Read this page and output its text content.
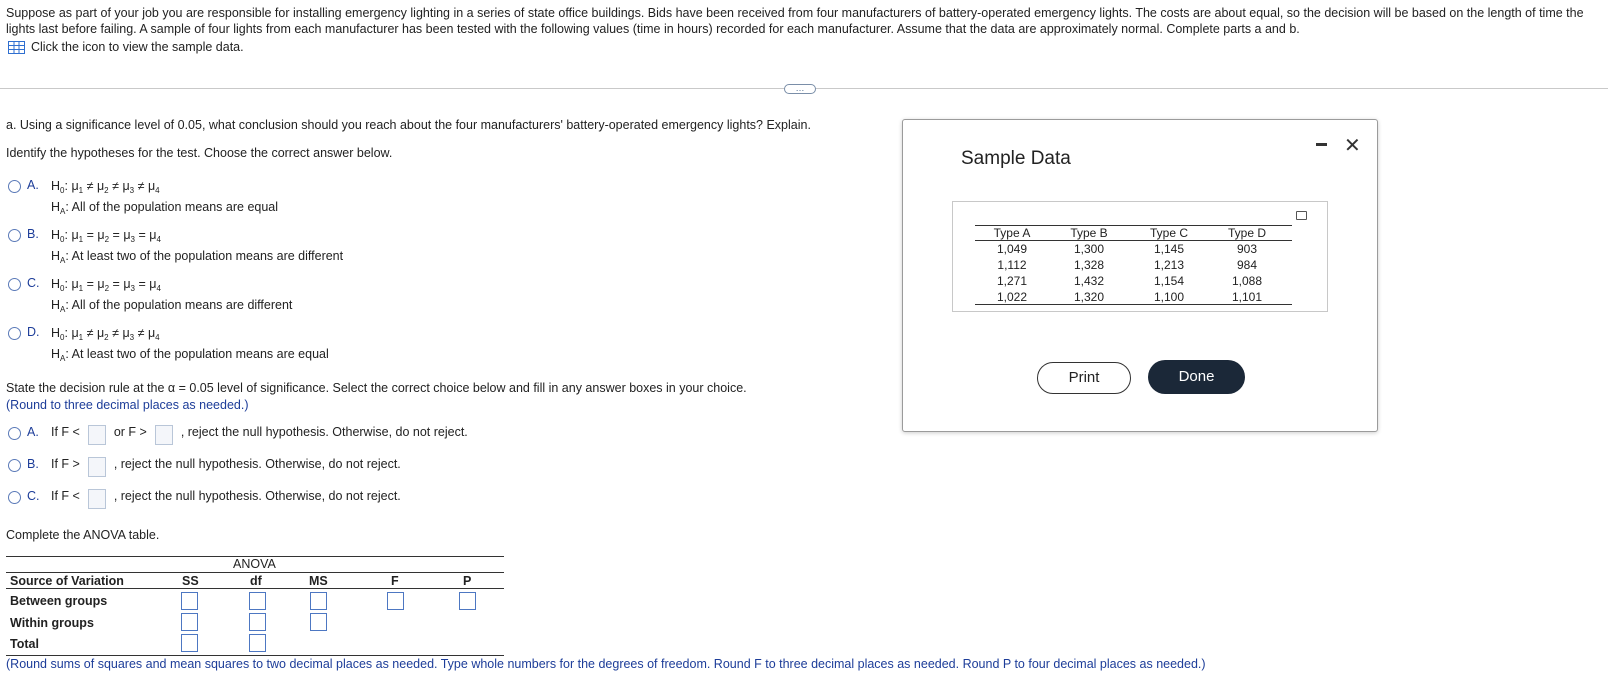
Suppose as part of your job you are responsible for installing emergency lighting in a series of state office buildings. Bids have been received from four manufacturers of battery-operated emergency lights. The costs are about equal, so the decision will be based on the length of time the lights last before failing. A sample of four lights from each manufacturer has been tested with the following values (time in hours) recorded for each manufacturer. Assume that the data are approximately normal. Complete parts a and b.
Click the icon to view the sample data.
…
a. Using a significance level of 0.05, what conclusion should you reach about the four manufacturers' battery-operated emergency lights? Explain.
Identify the hypotheses for the test. Choose the correct answer below.
A. $H_0$: $\mu_1 \ne \mu_2 \ne \mu_3 \ne \mu_4$
$H_A$: All of the population means are equal
B. $H_0$: $\mu_1 = \mu_2 = \mu_3 = \mu_4$
$H_A$: At least two of the population means are different
C. $H_0$: $\mu_1 = \mu_2 = \mu_3 = \mu_4$
$H_A$: All of the population means are different
D. $H_0$: $\mu_1 \ne \mu_2 \ne \mu_3 \ne \mu_4$
$H_A$: At least two of the population means are equal
State the decision rule at the α = 0.05 level of significance. Select the correct choice below and fill in any answer boxes in your choice.
(Round to three decimal places as needed.)
A. If F <	or F >	, reject the null hypothesis. Otherwise, do not reject.
B. If F >	, reject the null hypothesis. Otherwise, do not reject.
C. If F <	, reject the null hypothesis. Otherwise, do not reject.
Complete the ANOVA table.
ANOVA
Source of Variation	SS	df	MS	F	P
Between groups
Within groups
Total
(Round sums of squares and mean squares to two decimal places as needed. Type whole numbers for the degrees of freedom. Round F to three decimal places as needed. Round P to four decimal places as needed.)
Sample Data
✕
Type A	Type B	Type C	Type D
1,049	1,300	1,145	903
1,112	1,328	1,213	984
1,271	1,432	1,154	1,088
1,022	1,320	1,100	1,101
Print	Done
